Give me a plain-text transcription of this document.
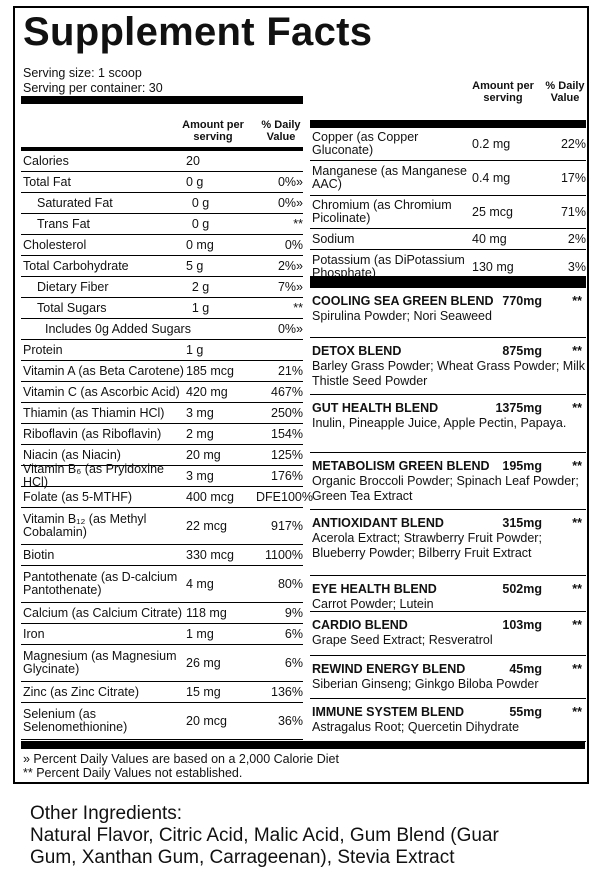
Supplement Facts
Serving size: 1 scoop
Serving per container: 30
Amount per serving
% Daily Value
Calories	20
Total Fat	0 g	0%»
Saturated Fat	0 g	0%»
Trans Fat	0 g	**
Cholesterol	0 mg	0%
Total Carbohydrate	5 g	2%»
Dietary Fiber	2 g	7%»
Total Sugars	1 g	**
Includes 0g Added Sugars	0%»
Protein	1 g
Vitamin A (as Beta Carotene) 185 mcg	21%
Vitamin C (as Ascorbic Acid) 420 mg	467%
Thiamin (as Thiamin HCl)	3 mg	250%
Riboflavin (as Riboflavin)	2 mg	154%
Niacin (as Niacin)	20 mg	125%
Vitamin B₆ (as Pryidoxine HCl)	3 mg	176%
Folate (as 5-MTHF)	400 mcg	DFE100%
Vitamin B₁₂ (as Methyl Cobalamin)	22 mcg	917%
Biotin	330 mcg	1100%
Pantothenate (as D-calcium Pantothenate)	4 mg	80%
Calcium (as Calcium Citrate) 118 mg	9%
Iron	1 mg	6%
Magnesium (as Magnesium Glycinate)	26 mg	6%
Zinc (as Zinc Citrate)	15 mg	136%
Selenium (as Selenomethionine)	20 mcg	36%
Amount per serving
% Daily Value
Copper (as Copper Gluconate)	0.2 mg	22%
Manganese (as Manganese AAC)	0.4 mg	17%
Chromium (as Chromium Picolinate)	25 mcg	71%
Sodium	40 mg	2%
Potassium (as DiPotassium Phosphate)	130 mg	3%
COOLING SEA GREEN BLEND 770mg	**
Spirulina Powder; Nori Seaweed
DETOX BLEND	875mg	**
Barley Grass Powder; Wheat Grass Powder; Milk Thistle Seed Powder
GUT HEALTH BLEND	1375mg	**
Inulin, Pineapple Juice, Apple Pectin, Papaya.
METABOLISM GREEN BLEND	195mg	**
Organic Broccoli Powder; Spinach Leaf Powder; Green Tea Extract
ANTIOXIDANT BLEND	315mg	**
Acerola Extract; Strawberry Fruit Powder; Blueberry Powder; Bilberry Fruit Extract
EYE HEALTH BLEND	502mg	**
Carrot Powder; Lutein
CARDIO BLEND	103mg	**
Grape Seed Extract; Resveratrol
REWIND ENERGY BLEND	45mg	**
Siberian Ginseng; Ginkgo Biloba Powder
IMMUNE SYSTEM BLEND	55mg	**
Astragalus Root; Quercetin Dihydrate
» Percent Daily Values are based on a 2,000 Calorie Diet
** Percent Daily Values not established.
Other Ingredients:
Natural Flavor, Citric Acid, Malic Acid, Gum Blend (Guar Gum, Xanthan Gum, Carrageenan), Stevia Extract
